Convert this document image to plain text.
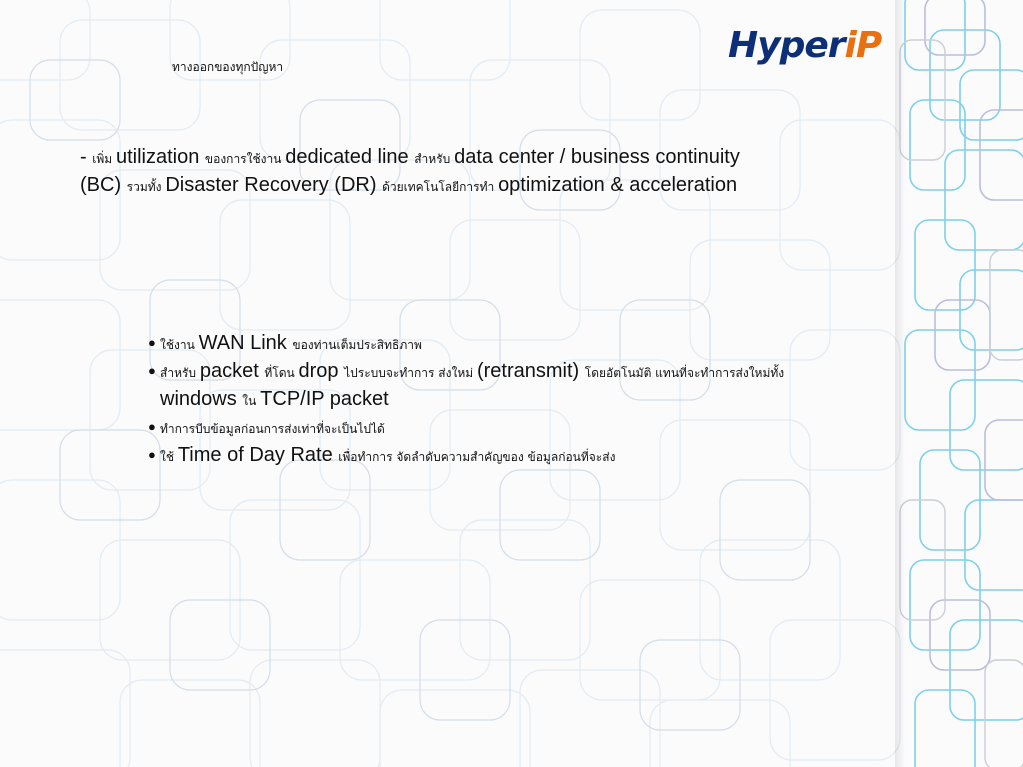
HyperiP
ทางออกของทุกปัญหา
- เพิ่ม utilization ของการใช้งาน dedicated line สำหรับ data center / business continuity (BC) รวมทั้ง Disaster Recovery (DR) ด้วยเทคโนโลยีการทำ optimization & acceleration
● ใช้งาน WAN Link ของท่านเต็มประสิทธิภาพ
● สำหรับ packet ที่โดน drop ไประบบจะทำการ ส่งใหม่ (retransmit) โดยอัตโนมัติ แทนที่จะทำการส่งใหม่ทั้ง windows ใน TCP/IP packet
● ทำการบีบข้อมูลก่อนการส่งเท่าที่จะเป็นไปได้
● ใช้ Time of Day Rate เพื่อทำการ จัดลำดับความสำคัญของ ข้อมูลก่อนที่จะส่ง
